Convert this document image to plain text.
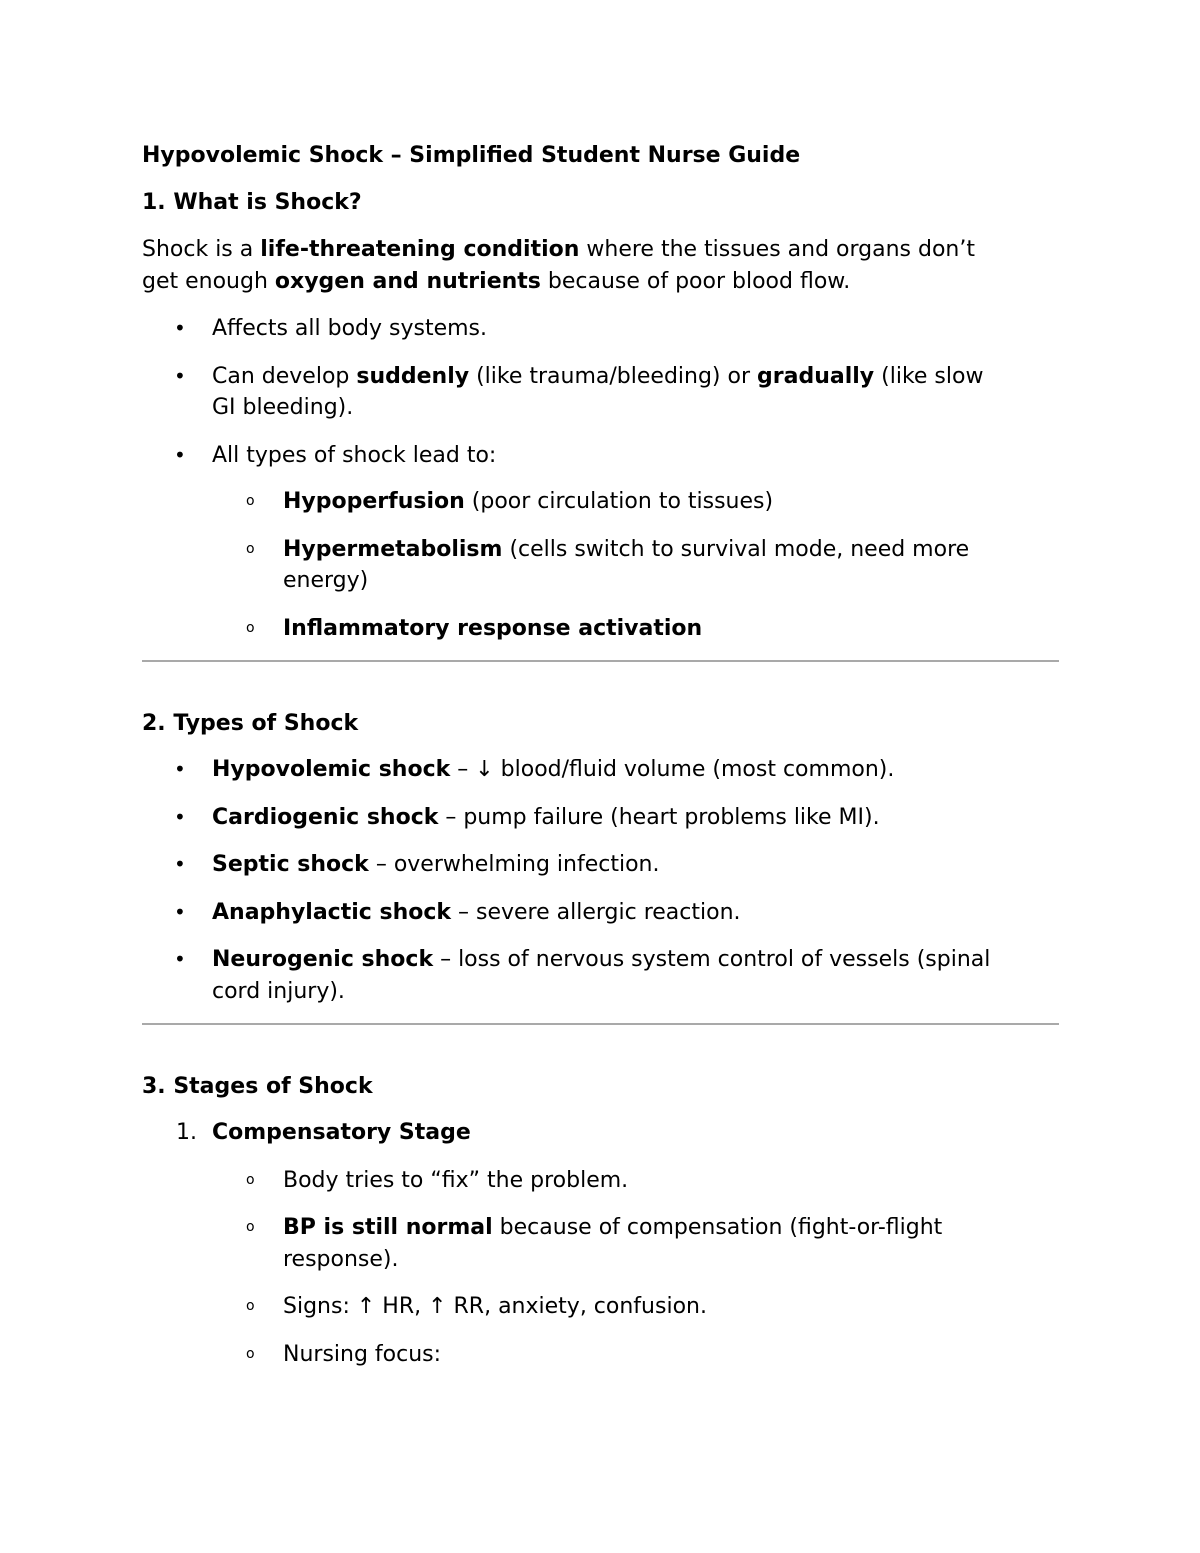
Hypovolemic Shock – Simplified Student Nurse Guide
1. What is Shock?
Shock is a life-threatening condition where the tissues and organs don’t
get enough oxygen and nutrients because of poor blood flow.
• Affects all body systems.
• Can develop suddenly (like trauma/bleeding) or gradually (like slow
GI bleeding).
• All types of shock lead to:
o Hypoperfusion (poor circulation to tissues)
o Hypermetabolism (cells switch to survival mode, need more
energy)
o Inflammatory response activation
2. Types of Shock
• Hypovolemic shock – ↓ blood/fluid volume (most common).
• Cardiogenic shock – pump failure (heart problems like MI).
• Septic shock – overwhelming infection.
• Anaphylactic shock – severe allergic reaction.
• Neurogenic shock – loss of nervous system control of vessels (spinal
cord injury).
3. Stages of Shock
1. Compensatory Stage
o Body tries to “fix” the problem.
o BP is still normal because of compensation (fight-or-flight
response).
o Signs: ↑ HR, ↑ RR, anxiety, confusion.
o Nursing focus:
